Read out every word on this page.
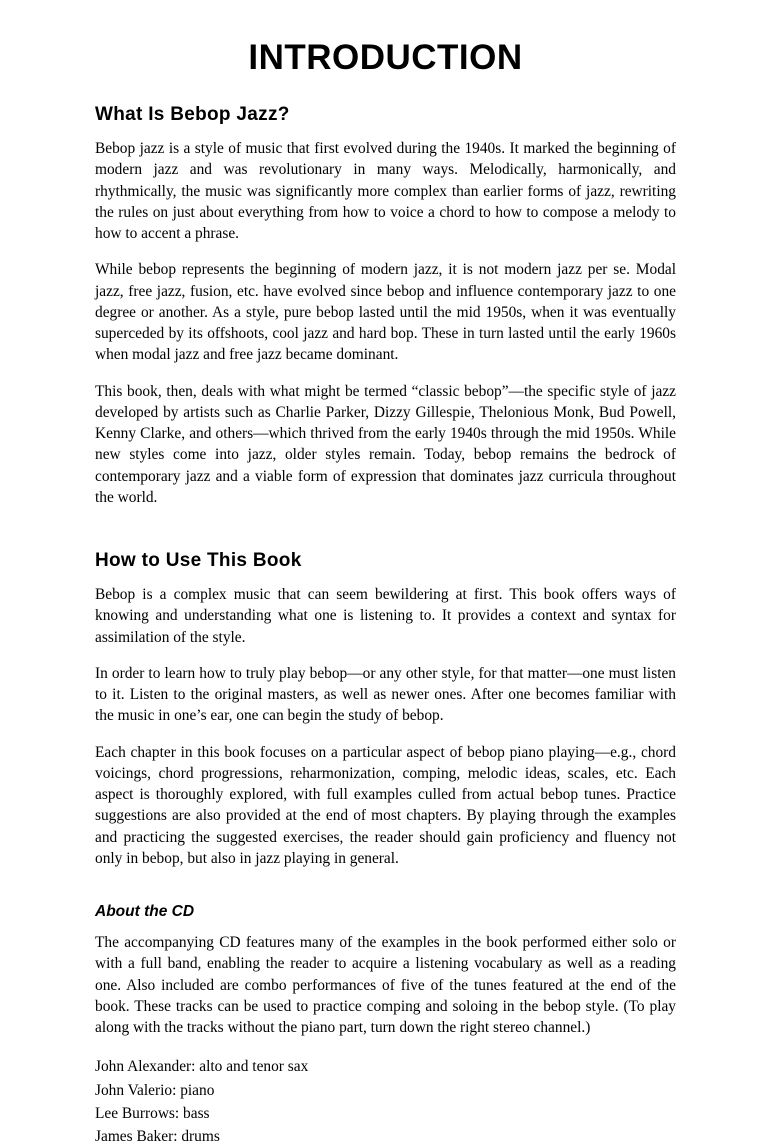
INTRODUCTION
What Is Bebop Jazz?

Bebop jazz is a style of music that first evolved during the 1940s. It marked the beginning of modern jazz and was revolutionary in many ways. Melodically, harmonically, and rhythmically, the music was significantly more complex than earlier forms of jazz, rewriting the rules on just about everything from how to voice a chord to how to compose a melody to how to accent a phrase.

While bebop represents the beginning of modern jazz, it is not modern jazz per se. Modal jazz, free jazz, fusion, etc. have evolved since bebop and influence contemporary jazz to one degree or another. As a style, pure bebop lasted until the mid 1950s, when it was eventually superceded by its offshoots, cool jazz and hard bop. These in turn lasted until the early 1960s when modal jazz and free jazz became dominant.

This book, then, deals with what might be termed “classic bebop”—the specific style of jazz developed by artists such as Charlie Parker, Dizzy Gillespie, Thelonious Monk, Bud Powell, Kenny Clarke, and others—which thrived from the early 1940s through the mid 1950s. While new styles come into jazz, older styles remain. Today, bebop remains the bedrock of contemporary jazz and a viable form of expression that dominates jazz curricula throughout the world.

How to Use This Book

Bebop is a complex music that can seem bewildering at first. This book offers ways of knowing and understanding what one is listening to. It provides a context and syntax for assimilation of the style.

In order to learn how to truly play bebop—or any other style, for that matter—one must listen to it. Listen to the original masters, as well as newer ones. After one becomes familiar with the music in one’s ear, one can begin the study of bebop.

Each chapter in this book focuses on a particular aspect of bebop piano playing—e.g., chord voicings, chord progressions, reharmonization, comping, melodic ideas, scales, etc. Each aspect is thoroughly explored, with full examples culled from actual bebop tunes. Practice suggestions are also provided at the end of most chapters. By playing through the examples and practicing the suggested exercises, the reader should gain proficiency and fluency not only in bebop, but also in jazz playing in general.

About the CD

The accompanying CD features many of the examples in the book performed either solo or with a full band, enabling the reader to acquire a listening vocabulary as well as a reading one. Also included are combo performances of five of the tunes featured at the end of the book. These tracks can be used to practice comping and soloing in the bebop style. (To play along with the tracks without the piano part, turn down the right stereo channel.)

John Alexander: alto and tenor sax

John Valerio: piano

Lee Burrows: bass

James Baker: drums
